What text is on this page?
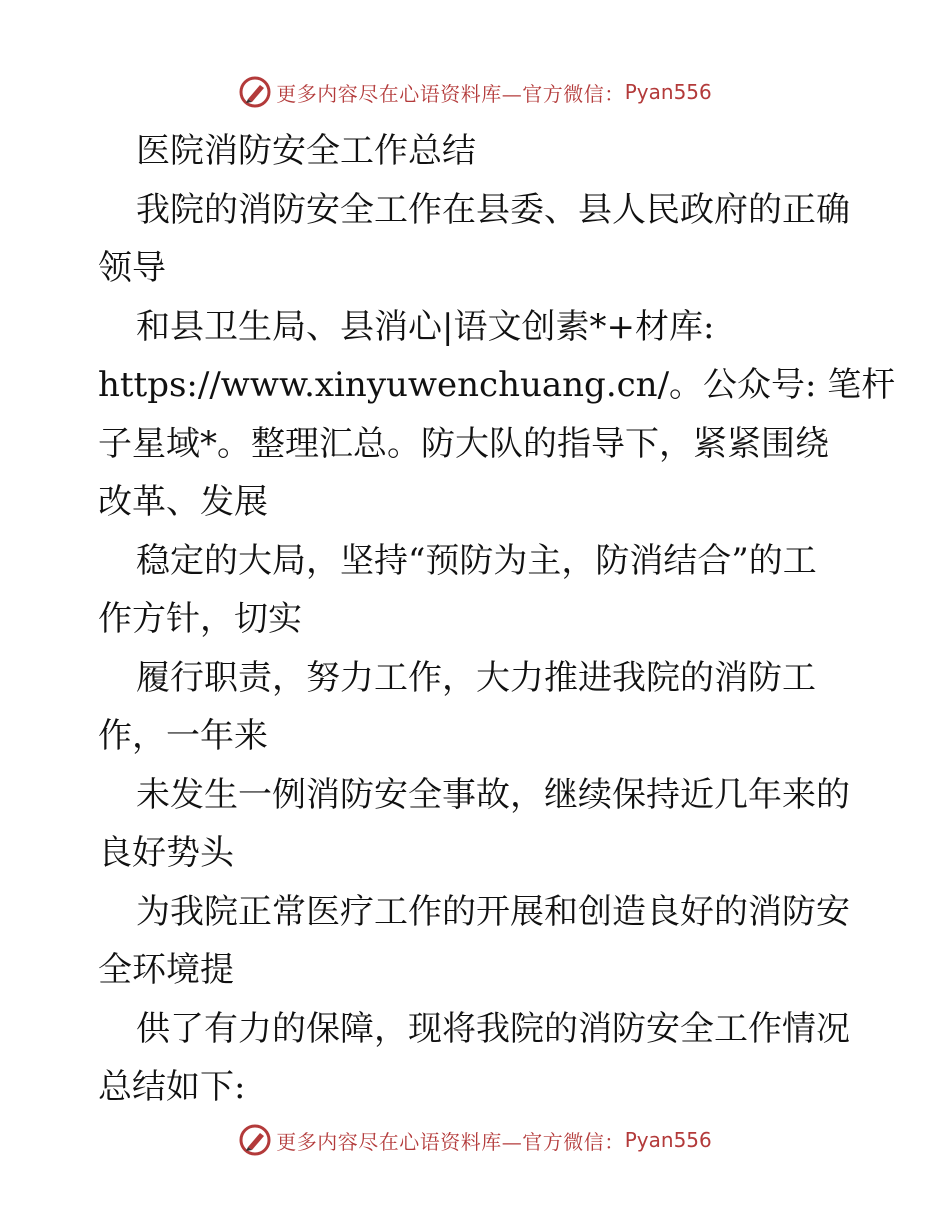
更多内容尽在心语资料库—官方微信： Pyan556
医院消防安全工作总结
我院的消防安全工作在县委、县人民政府的正确
领导
和县卫生局、县消心|语文创素*+材库:
https://www.xinyuwenchuang.cn/。公众号: 笔杆
子星域*。整理汇总。防大队的指导下，紧紧围绕
改革、发展
稳定的大局，坚持“预防为主，防消结合”的工
作方针，切实
履行职责，努力工作，大力推进我院的消防工
作，一年来
未发生一例消防安全事故，继续保持近几年来的
良好势头
为我院正常医疗工作的开展和创造良好的消防安
全环境提
供了有力的保障，现将我院的消防安全工作情况
总结如下:
更多内容尽在心语资料库—官方微信： Pyan556
